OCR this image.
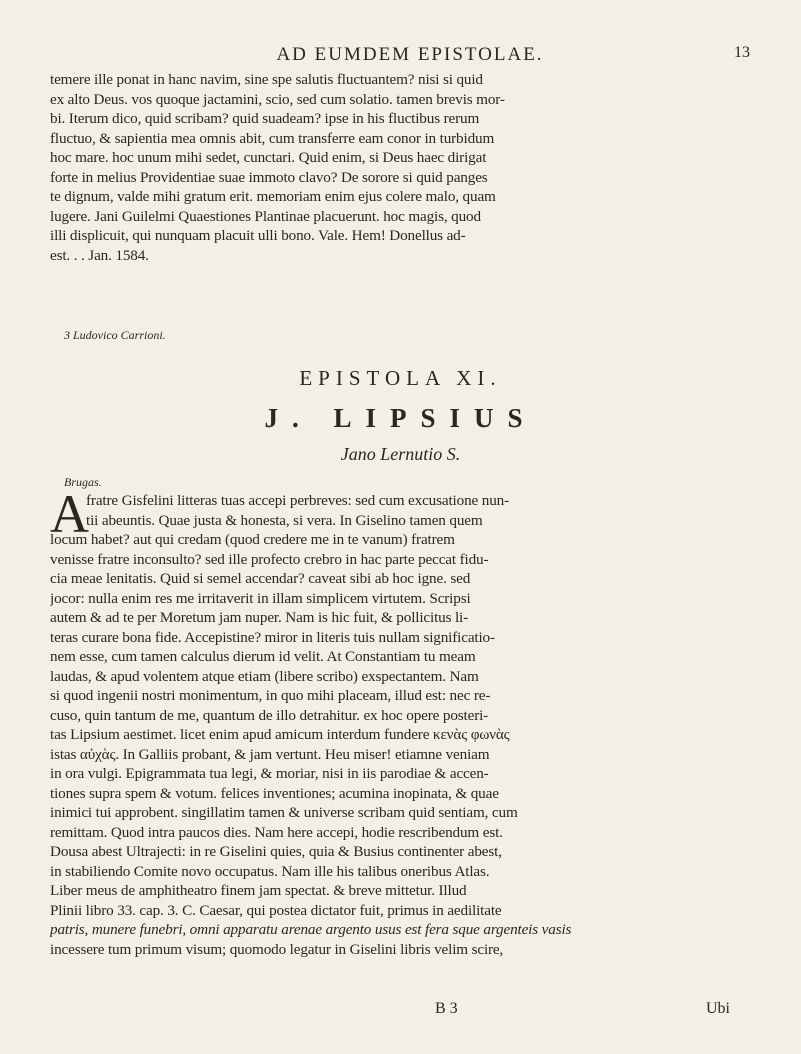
AD EUMDEM EPISTOLAE.	13
temere ille ponat in hanc navim, sine spe salutis fluctuantem? nisi si quid
ex alto Deus. vos quoque jactamini, scio, sed cum solatio. tamen brevis mor-
bi. Iterum dico, quid scribam? quid suadeam? ipse in his fluctibus rerum
fluctuo, & sapientia mea omnis abit, cum transferre eam conor in turbidum
hoc mare. hoc unum mihi sedet, cunctari. Quid enim, si Deus haec dirigat
forte in melius Providentiae suae immoto clavo? De sorore si quid panges
te dignum, valde mihi gratum erit. memoriam enim ejus colere malo, quam
lugere. Jani Guilelmi Quaestiones Plantinae placuerunt. hoc magis, quod
illi displicuit, qui nunquam placuit ulli bono. Vale. Hem! Donellus ad-
est. . . Jan. 1584.
3 Ludovico Carrioni.
EPISTOLA XI.
J. LIPSIUS
Jano Lernutio S.
Brugas.
A
fratre Gisfelini litteras tuas accepi perbreves: sed cum excusatione nun-
tii abeuntis. Quae justa & honesta, si vera. In Giselino tamen quem
locum habet? aut qui credam (quod credere me in te vanum) fratrem
venisse fratre inconsulto? sed ille profecto crebro in hac parte peccat fidu-
cia meae lenitatis. Quid si semel accendar? caveat sibi ab hoc igne. sed
jocor: nulla enim res me irritaverit in illam simplicem virtutem. Scripsi
autem & ad te per Moretum jam nuper. Nam is hic fuit, & pollicitus li-
teras curare bona fide. Accepistine? miror in literis tuis nullam significatio-
nem esse, cum tamen calculus dierum id velit. At Constantiam tu meam
laudas, & apud volentem atque etiam (libere scribo) exspectantem. Nam
si quod ingenii nostri monimentum, in quo mihi placeam, illud est: nec re-
cuso, quin tantum de me, quantum de illo detrahitur. ex hoc opere posteri-
tas Lipsium aestimet. licet enim apud amicum interdum fundere κενὰς φωνὰς
istas αὐχὰς. In Galliis probant, & jam vertunt. Heu miser! etiamne veniam
in ora vulgi. Epigrammata tua legi, & moriar, nisi in iis parodiae & accen-
tiones supra spem & votum. felices inventiones; acumina inopinata, & quae
inimici tui approbent. singillatim tamen & universe scribam quid sentiam, cum
remittam. Quod intra paucos dies. Nam here accepi, hodie rescribendum est.
Dousa abest Ultrajecti: in re Giselini quies, quia & Busius continenter abest,
in stabiliendo Comite novo occupatus. Nam ille his talibus oneribus Atlas.
Liber meus de amphitheatro finem jam spectat. & breve mittetur. Illud
Plinii libro 33. cap. 3. C. Caesar, qui postea dictator fuit, primus in aedilitate
patris, munere funebri, omni apparatu arenae argento usus est fera sque argenteis vasis
incessere tum primum visum; quomodo legatur in Giselini libris velim scire,
B 3	Ubi
